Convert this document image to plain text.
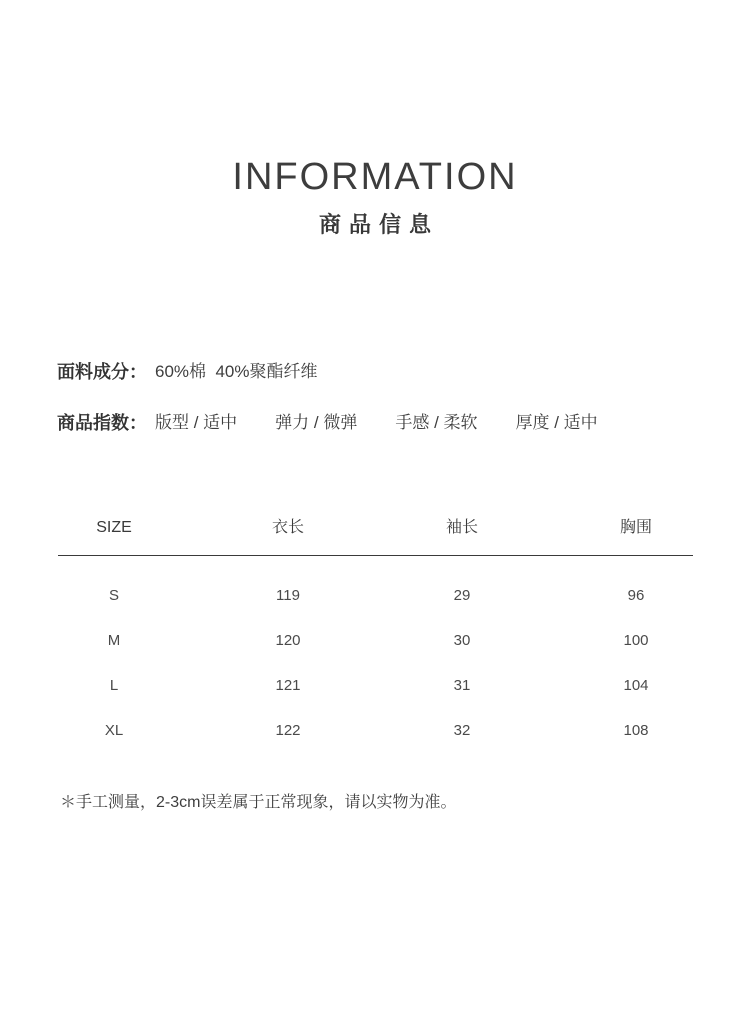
INFORMATION
商品信息
面料成分： 60%棉  40%聚酯纤维
商品指数： 版型 / 适中 弹力 / 微弹 手感 / 柔软 厚度 / 适中
SIZE	衣长	袖长	胸围
S	119	29	96
M	120	30	100
L	121	31	104
XL	122	32	108
＊手工测量，2-3cm误差属于正常现象，请以实物为准。
